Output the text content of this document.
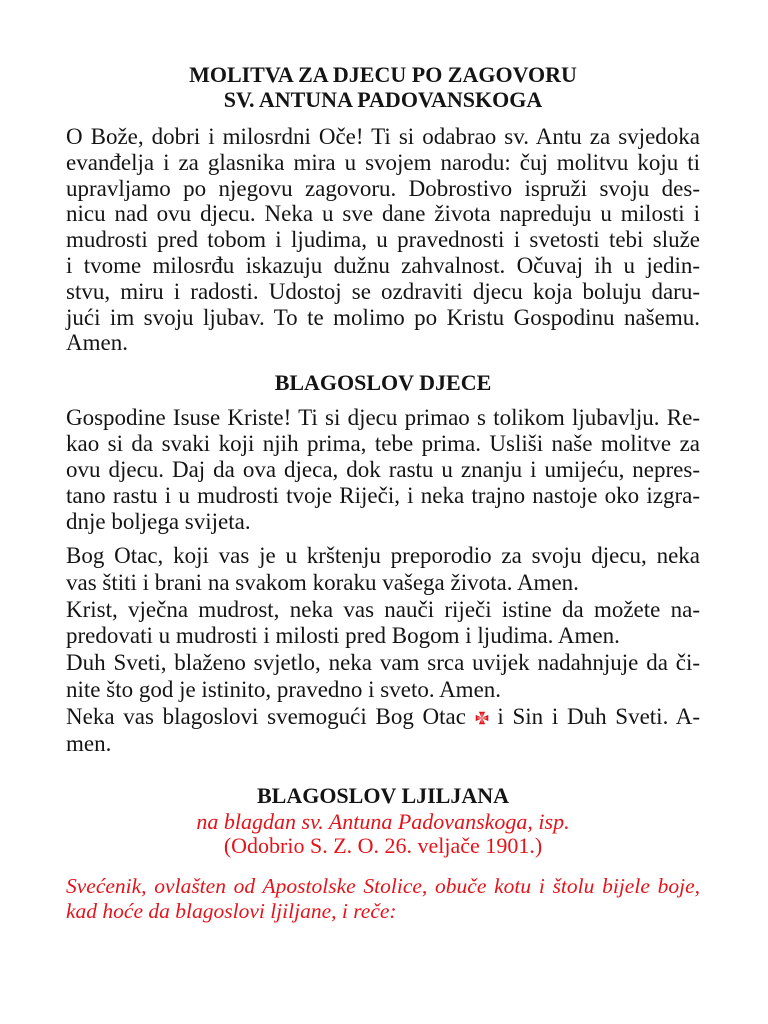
MOLITVA ZA DJECU PO ZAGOVORU
SV. ANTUNA PADOVANSKOGA
O Bože, dobri i milosrdni Oče! Ti si odabrao sv. Antu za svjedoka
evanđelja i za glasnika mira u svojem narodu: čuj molitvu koju ti
upravljamo po njegovu zagovoru. Dobrostivo ispruži svoju des-
nicu nad ovu djecu. Neka u sve dane života napreduju u milosti i
mudrosti pred tobom i ljudima, u pravednosti i svetosti tebi služe
i tvome milosrđu iskazuju dužnu zahvalnost. Očuvaj ih u jedin-
stvu, miru i radosti. Udostoj se ozdraviti djecu koja boluju daru-
jući im svoju ljubav. To te molimo po Kristu Gospodinu našemu.
Amen.
BLAGOSLOV DJECE
Gospodine Isuse Kriste! Ti si djecu primao s tolikom ljubavlju. Re-
kao si da svaki koji njih prima, tebe prima. Usliši naše molitve za
ovu djecu. Daj da ova djeca, dok rastu u znanju i umijeću, nepres-
tano rastu i u mudrosti tvoje Riječi, i neka trajno nastoje oko izgra-
dnje boljega svijeta.
Bog Otac, koji vas je u krštenju preporodio za svoju djecu, neka
vas štiti i brani na svakom koraku vašega života. Amen.
Krist, vječna mudrost, neka vas nauči riječi istine da možete na-
predovati u mudrosti i milosti pred Bogom i ljudima. Amen.
Duh Sveti, blaženo svjetlo, neka vam srca uvijek nadahnjuje da či-
nite što god je istinito, pravedno i sveto. Amen.
Neka vas blagoslovi svemogući Bog Otac i Sin i Duh Sveti. A-
men.
BLAGOSLOV LJILJANA
na blagdan sv. Antuna Padovanskoga, isp.
(Odobrio S. Z. O. 26. veljače 1901.)
Svećenik, ovlašten od Apostolske Stolice, obuče kotu i štolu bijele boje,
kad hoće da blagoslovi ljiljane, i reče:
